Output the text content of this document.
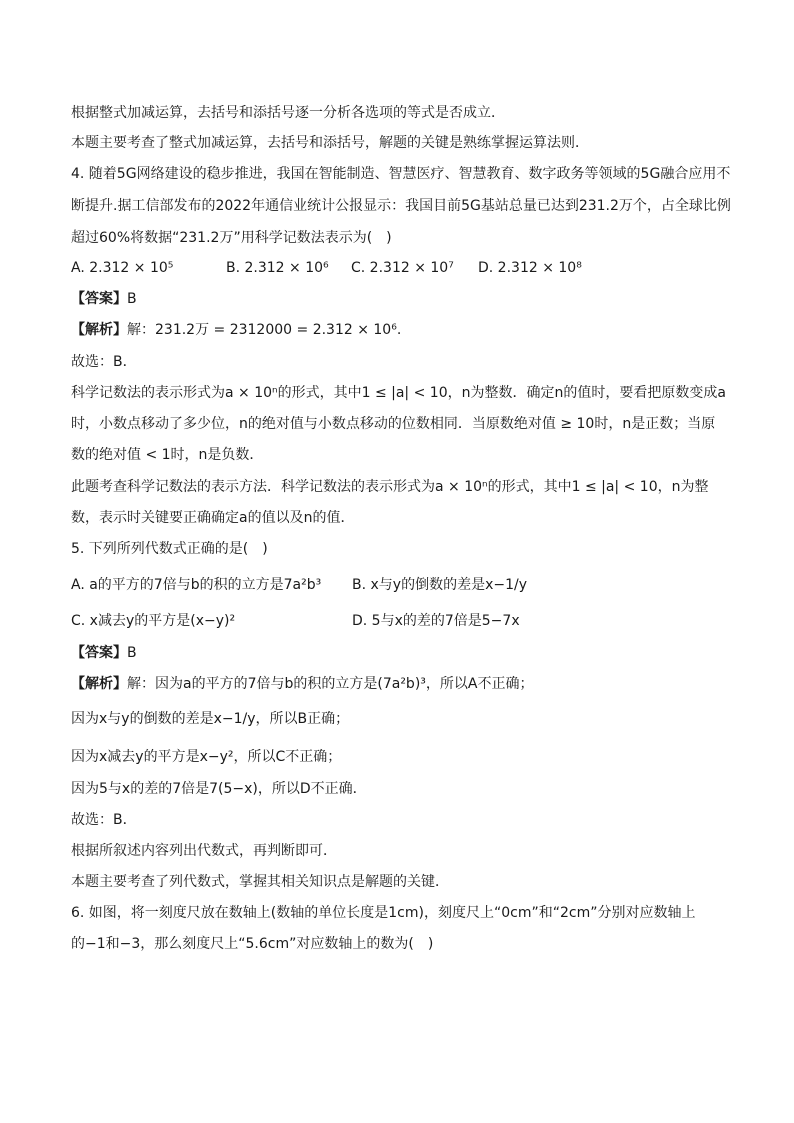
根据整式加减运算，去括号和添括号逐一分析各选项的等式是否成立．
本题主要考查了整式加减运算，去括号和添括号，解题的关键是熟练掌握运算法则．
4. 随着5G网络建设的稳步推进，我国在智能制造、智慧医疗、智慧教育、数字政务等领域的5G融合应用不
断提升.据工信部发布的2022年通信业统计公报显示：我国目前5G基站总量已达到231.2万个，占全球比例
超过60%将数据“231.2万”用科学记数法表示为(　)
A. 2.312 × 10⁵	B. 2.312 × 10⁶ C. 2.312 × 10⁷ D. 2.312 × 10⁸
【答案】B
【解析】解：231.2万 = 2312000 = 2.312 × 10⁶.
故选：B．
科学记数法的表示形式为a × 10ⁿ的形式，其中1 ≤ |a| < 10，n为整数．确定n的值时，要看把原数变成a
时，小数点移动了多少位，n的绝对值与小数点移动的位数相同．当原数绝对值 ≥ 10时，n是正数；当原
数的绝对值 < 1时，n是负数．
此题考查科学记数法的表示方法．科学记数法的表示形式为a × 10ⁿ的形式，其中1 ≤ |a| < 10，n为整
数，表示时关键要正确确定a的值以及n的值．
5. 下列所列代数式正确的是(　)
A. a的平方的7倍与b的积的立方是7a²b³ B. x与y的倒数的差是x−1/y
C. x减去y的平方是(x−y)²	D. 5与x的差的7倍是5−7x
【答案】B
【解析】解：因为a的平方的7倍与b的积的立方是(7a²b)³，所以A不正确；
因为x与y的倒数的差是x−1/y，所以B正确；
因为x减去y的平方是x−y²，所以C不正确；
因为5与x的差的7倍是7(5−x)，所以D不正确．
故选：B．
根据所叙述内容列出代数式，再判断即可．
本题主要考查了列代数式，掌握其相关知识点是解题的关键．
6. 如图，将一刻度尺放在数轴上(数轴的单位长度是1cm)，刻度尺上“0cm”和“2cm”分别对应数轴上
的−1和−3，那么刻度尺上“5.6cm”对应数轴上的数为(　)
